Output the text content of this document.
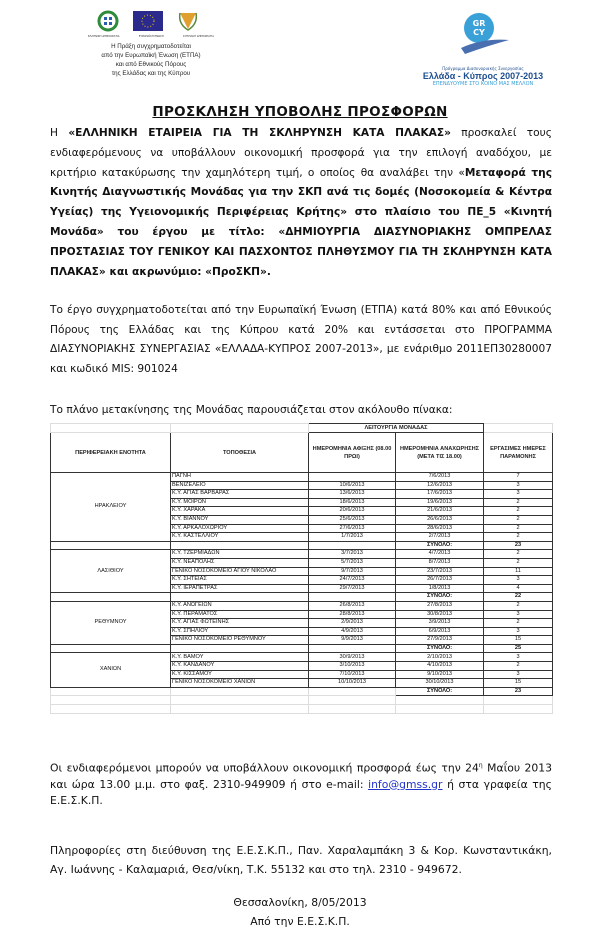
ΕΛΛΗΝΙΚΗ ΔΗΜΟΚΡΑΤΙΑ	ΕΥΡΩΠΑΪΚΗ ΕΝΩΣΗ	ΚΥΠΡΙΑΚΗ ΔΗΜΟΚΡΑΤΙΑ
Η Πράξη συγχρηματοδοτείται
από την Ευρωπαϊκή Ένωση (ΕΤΠΑ)
και από Εθνικούς Πόρους
της Ελλάδας και της Κύπρου
GR
CY
Πρόγραμμα Διασυνοριακής Συνεργασίας
Ελλάδα - Κύπρος 2007-2013
ΕΠΕΝΔΥΟΥΜΕ ΣΤΟ ΚΟΙΝΟ ΜΑΣ ΜΕΛΛΟΝ
ΠΡΟΣΚΛΗΣΗ ΥΠΟΒΟΛΗΣ ΠΡΟΣΦΟΡΩΝ
Η «ΕΛΛΗΝΙΚΗ ΕΤΑΙΡΕΙΑ ΓΙΑ ΤΗ ΣΚΛΗΡΥΝΣΗ ΚΑΤΑ ΠΛΑΚΑΣ» προσκαλεί τους ενδιαφερόμενους να υποβάλλουν οικονομική προσφορά για την επιλογή αναδόχου, με κριτήριο κατακύρωσης την χαμηλότερη τιμή, ο οποίος θα αναλάβει την «Μεταφορά της Κινητής Διαγνωστικής Μονάδας για την ΣΚΠ ανά τις δομές (Νοσοκομεία & Κέντρα Υγείας) της Υγειονομικής Περιφέρειας Κρήτης» στο πλαίσιο του ΠΕ_5 «Κινητή Μονάδα» του έργου με τίτλο: «ΔΗΜΙΟΥΡΓΙΑ ΔΙΑΣΥΝΟΡΙΑΚΗΣ ΟΜΠΡΕΛΑΣ ΠΡΟΣΤΑΣΙΑΣ ΤΟΥ ΓΕΝΙΚΟΥ ΚΑΙ ΠΑΣΧΟΝΤΟΣ ΠΛΗΘΥΣΜΟΥ ΓΙΑ ΤΗ ΣΚΛΗΡΥΝΣΗ ΚΑΤΑ ΠΛΑΚΑΣ» και ακρωνύμιο: «ΠροΣΚΠ».
Το έργο συγχρηματοδοτείται από την Ευρωπαϊκή Ένωση (ΕΤΠΑ) κατά 80% και από Εθνικούς Πόρους της Ελλάδας και της Κύπρου κατά 20% και εντάσσεται στο ΠΡΟΓΡΑΜΜΑ ΔΙΑΣΥΝΟΡΙΑΚΗΣ ΣΥΝΕΡΓΑΣΙΑΣ «ΕΛΛΑΔΑ-ΚΥΠΡΟΣ 2007-2013», με ενάριθμο 2011ΕΠ30280007 και κωδικό MIS: 901024
Το πλάνο μετακίνησης της Μονάδας παρουσιάζεται στον ακόλουθο πίνακα:
		ΛΕΙΤΟΥΡΓΙΑ ΜΟΝΑΔΑΣ		
ΠΕΡΙΦΕΡΕΙΑΚΗ ΕΝΟΤΗΤΑ	ΤΟΠΟΘΕΣΙΑ	ΗΜΕΡΟΜΗΝΙΑ ΑΦΙΞΗΣ (08.00 ΠΡΩΙ)	ΗΜΕΡΟΜΗΝΙΑ ΑΝΑΧΩΡΗΣΗΣ (ΜΕΤΑ ΤΙΣ 18.00)	ΕΡΓΑΣΙΜΕΣ ΗΜΕΡΕΣ ΠΑΡΑΜΟΝΗΣ
ΗΡΑΚΛΕΙΟΥ	ΠΑΓΝΗ		7/6/2013	7
	ΒΕΝΙΖΕΛΕΙΟ	10/6/2013	12/6/2013	3
	Κ.Υ. ΑΓΙΑΣ ΒΑΡΒΑΡΑΣ	13/6/2013	17/6/2013	3
	Κ.Υ. ΜΟΙΡΩΝ	18/6/2013	19/6/2013	2
	Κ.Υ. ΧΑΡΑΚΑ	20/6/2013	21/6/2013	2
	Κ.Υ. ΒΙΑΝΝΟΥ	25/6/2013	26/6/2013	2
	Κ.Υ. ΑΡΚΑΛΟΧΩΡΙΟΥ	27/6/2013	28/6/2013	2
	Κ.Υ. ΚΑΣΤΕΛΛΙΟΥ	1/7/2013	2/7/2013	2
			ΣΥΝΟΛΟ:	23
ΛΑΣΙΘΙΟΥ	Κ.Υ. ΤΖΕΡΜΙΑΔΩΝ	3/7/2013	4/7/2013	2
	Κ.Υ. ΝΕΑΠΟΛΗΣ	5/7/2013	8/7/2013	2
	ΓΕΝΙΚΟ ΝΟΣΟΚΟΜΕΙΟ ΑΓΙΟΥ ΝΙΚΟΛΑΟ	9/7/2013	23/7/2013	11
	Κ.Υ. ΣΗΤΕΙΑΣ	24/7/2013	26/7/2013	3
	Κ.Υ. ΙΕΡΑΠΕΤΡΑΣ	29/7/2013	1/8/2013	4
			ΣΥΝΟΛΟ:	22
ΡΕΘΥΜΝΟΥ	Κ.Υ. ΑΝΩΓΕΙΩΝ	26/8/2013	27/8/2013	2
	Κ.Υ. ΠΕΡΑΜΑΤΟΣ	28/8/2013	30/8/2013	3
	Κ.Υ. ΑΓΙΑΣ ΦΩΤΕΙΝΗΣ	2/9/2013	3/9/2013	2
	Κ.Υ. ΣΠΗΛΙΟΥ	4/9/2013	6/9/2013	3
	ΓΕΝΙΚΟ ΝΟΣΟΚΟΜΕΙΟ ΡΕΘΥΜΝΟΥ	9/9/2013	27/9/2013	15
			ΣΥΝΟΛΟ:	25
ΧΑΝΙΩΝ	Κ.Υ. ΒΑΜΟΥ	30/9/2013	2/10/2013	3
	Κ.Υ. ΚΑΝΔΑΝΟΥ	3/10/2013	4/10/2013	2
	Κ.Υ. ΚΙΣΣΑΜΟΥ	7/10/2013	9/10/2013	3
	ΓΕΝΙΚΟ ΝΟΣΟΚΟΜΕΙΟ ΧΑΝΙΩΝ	10/10/2013	30/10/2013	15
			ΣΥΝΟΛΟ:	23

Οι ενδιαφερόμενοι μπορούν να υποβάλλουν οικονομική προσφορά έως την $24^\eta$ Μαΐου 2013 και ώρα 13.00 μ.μ. στο φαξ. 2310-949909 ή στο e-mail: info@gmss.gr ή στα γραφεία της Ε.Ε.Σ.Κ.Π.
Πληροφορίες στη διεύθυνση της Ε.Ε.Σ.Κ.Π., Παν. Χαραλαμπάκη 3 & Κορ. Κωνσταντικάκη, Αγ. Ιωάννης - Καλαμαριά, Θεσ/νίκη, Τ.Κ. 55132 και στο τηλ. 2310 - 949672.
Θεσσαλονίκη, 8/05/2013
Από την Ε.Ε.Σ.Κ.Π.
